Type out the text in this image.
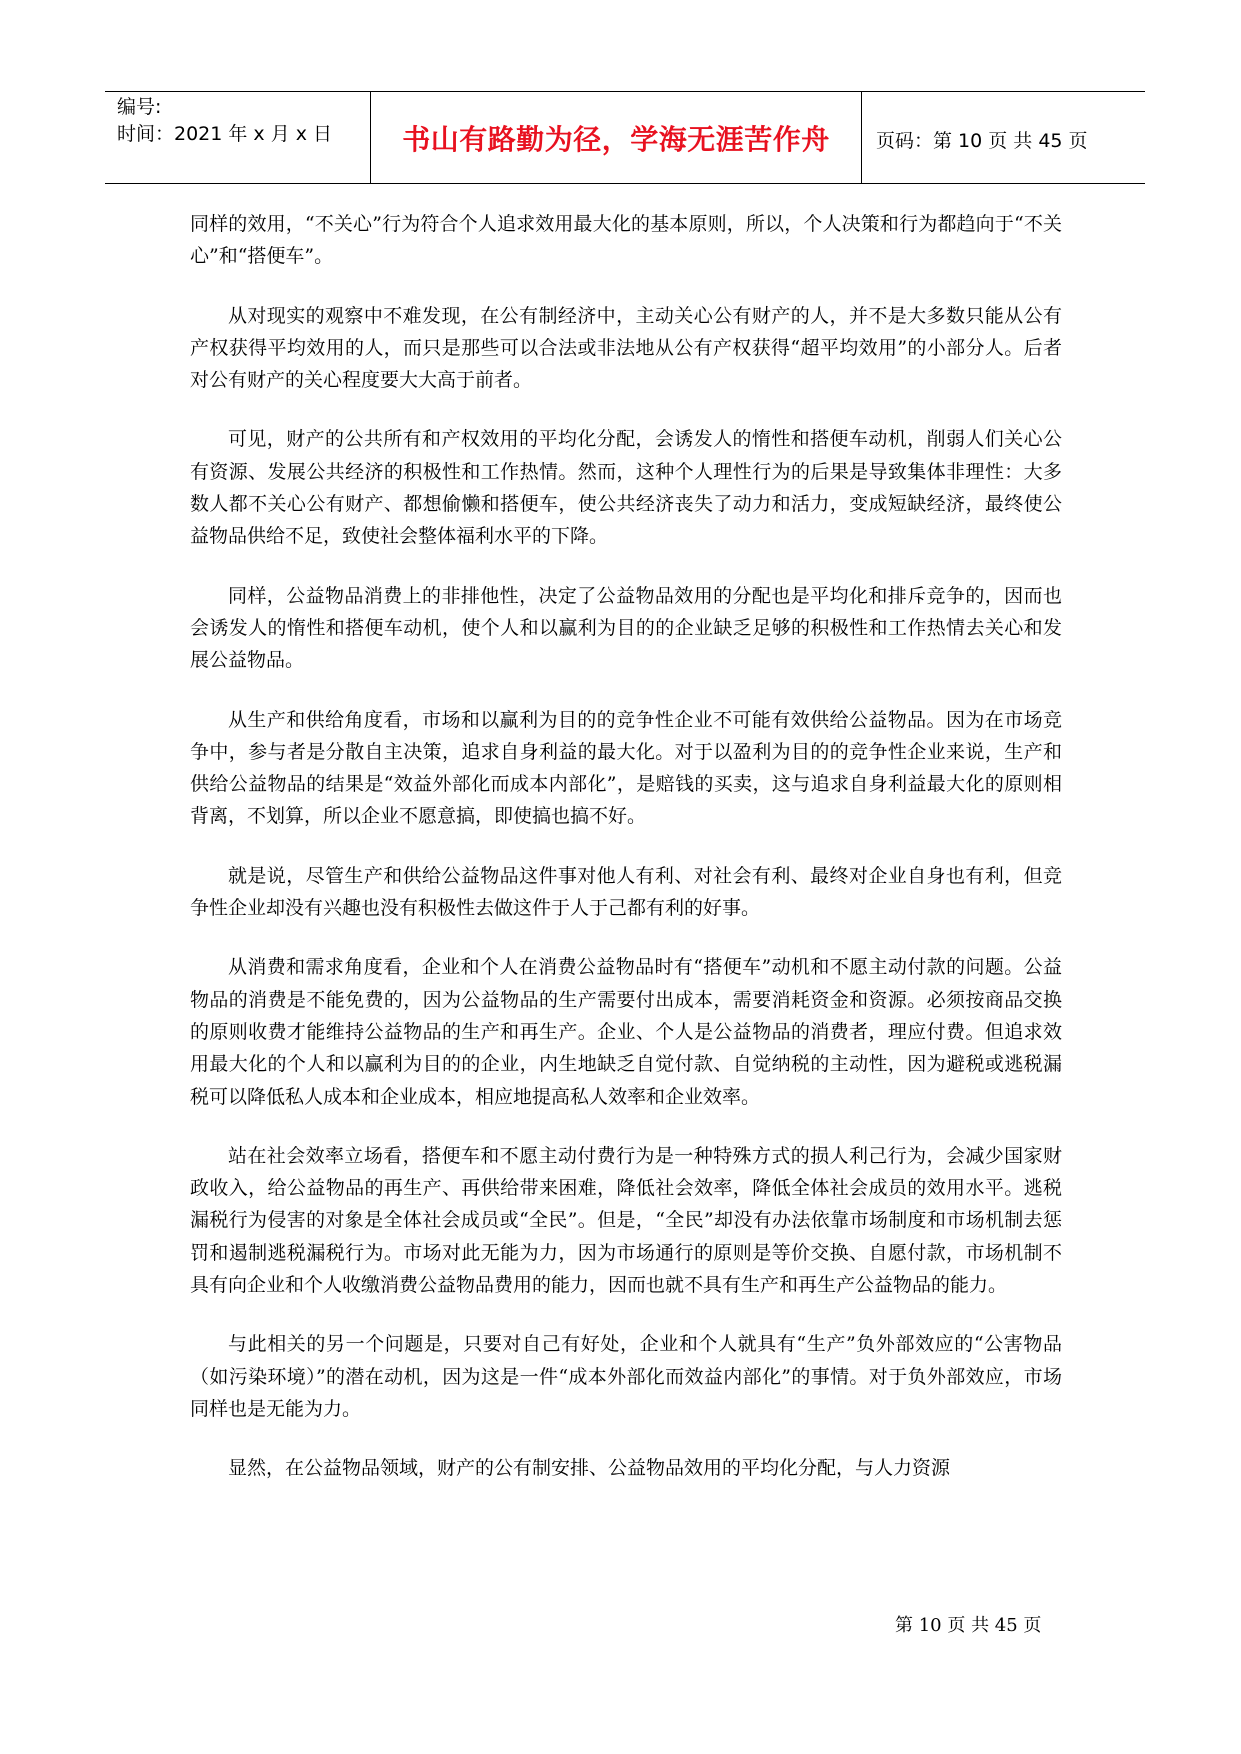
编号:
时间：2021 年 x 月 x 日	书山有路勤为径，学海无涯苦作舟	页码：第 10 页 共 45 页

同样的效用，“不关心”行为符合个人追求效用最大化的基本原则，所以，个人决策和行为都趋向于“不关心”和“搭便车”。

从对现实的观察中不难发现，在公有制经济中，主动关心公有财产的人，并不是大多数只能从公有产权获得平均效用的人，而只是那些可以合法或非法地从公有产权获得“超平均效用”的小部分人。后者对公有财产的关心程度要大大高于前者。

可见，财产的公共所有和产权效用的平均化分配，会诱发人的惰性和搭便车动机，削弱人们关心公有资源、发展公共经济的积极性和工作热情。然而，这种个人理性行为的后果是导致集体非理性：大多数人都不关心公有财产、都想偷懒和搭便车，使公共经济丧失了动力和活力，变成短缺经济，最终使公益物品供给不足，致使社会整体福利水平的下降。

同样，公益物品消费上的非排他性，决定了公益物品效用的分配也是平均化和排斥竞争的，因而也会诱发人的惰性和搭便车动机，使个人和以赢利为目的的企业缺乏足够的积极性和工作热情去关心和发展公益物品。

从生产和供给角度看，市场和以赢利为目的的竞争性企业不可能有效供给公益物品。因为在市场竞争中，参与者是分散自主决策，追求自身利益的最大化。对于以盈利为目的的竞争性企业来说，生产和供给公益物品的结果是“效益外部化而成本内部化”，是赔钱的买卖，这与追求自身利益最大化的原则相背离，不划算，所以企业不愿意搞，即使搞也搞不好。

就是说，尽管生产和供给公益物品这件事对他人有利、对社会有利、最终对企业自身也有利，但竞争性企业却没有兴趣也没有积极性去做这件于人于己都有利的好事。

从消费和需求角度看，企业和个人在消费公益物品时有“搭便车”动机和不愿主动付款的问题。公益物品的消费是不能免费的，因为公益物品的生产需要付出成本，需要消耗资金和资源。必须按商品交换的原则收费才能维持公益物品的生产和再生产。企业、个人是公益物品的消费者，理应付费。但追求效用最大化的个人和以赢利为目的的企业，内生地缺乏自觉付款、自觉纳税的主动性，因为避税或逃税漏税可以降低私人成本和企业成本，相应地提高私人效率和企业效率。

站在社会效率立场看，搭便车和不愿主动付费行为是一种特殊方式的损人利己行为，会减少国家财政收入，给公益物品的再生产、再供给带来困难，降低社会效率，降低全体社会成员的效用水平。逃税漏税行为侵害的对象是全体社会成员或“全民”。但是，“全民”却没有办法依靠市场制度和市场机制去惩罚和遏制逃税漏税行为。市场对此无能为力，因为市场通行的原则是等价交换、自愿付款，市场机制不具有向企业和个人收缴消费公益物品费用的能力，因而也就不具有生产和再生产公益物品的能力。

与此相关的另一个问题是，只要对自己有好处，企业和个人就具有“生产”负外部效应的“公害物品（如污染环境）”的潜在动机，因为这是一件“成本外部化而效益内部化”的事情。对于负外部效应，市场同样也是无能为力。

显然，在公益物品领域，财产的公有制安排、公益物品效用的平均化分配，与人力资源

第 10 页 共 45 页
